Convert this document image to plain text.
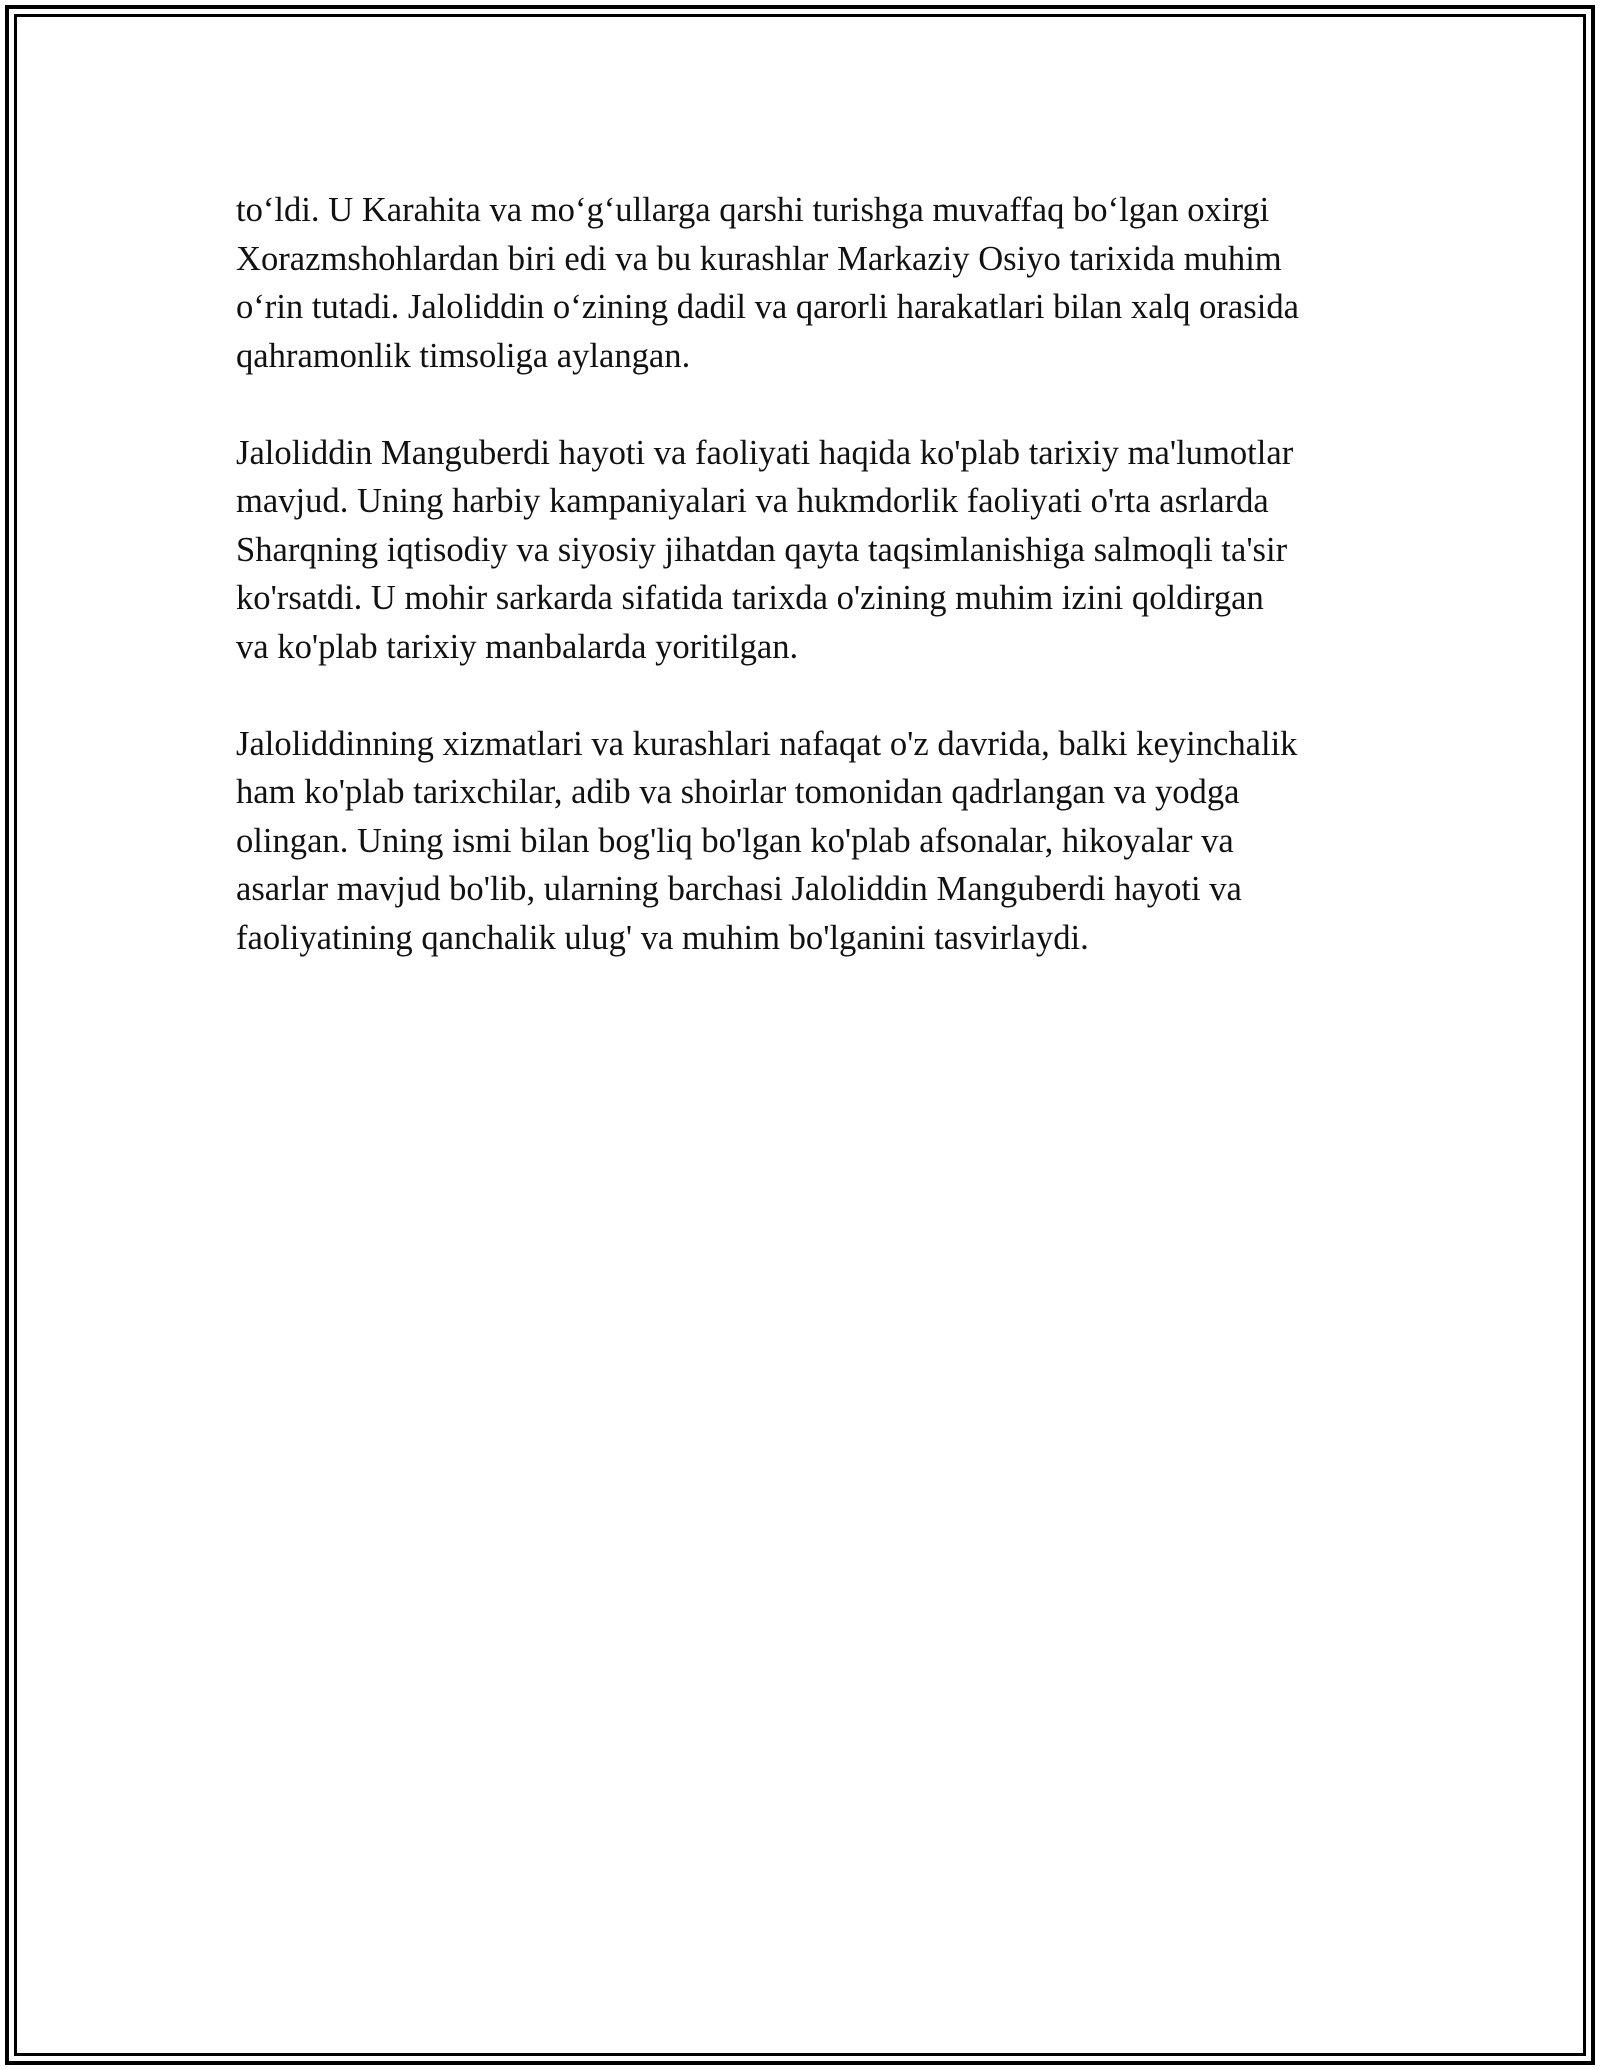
to‘ldi. U Karahita va mo‘g‘ullarga qarshi turishga muvaffaq bo‘lgan oxirgi
Xorazmshohlardan biri edi va bu kurashlar Markaziy Osiyo tarixida muhim
o‘rin tutadi. Jaloliddin o‘zining dadil va qarorli harakatlari bilan xalq orasida
qahramonlik timsoliga aylangan.

Jaloliddin Manguberdi hayoti va faoliyati haqida ko'plab tarixiy ma'lumotlar
mavjud. Uning harbiy kampaniyalari va hukmdorlik faoliyati o'rta asrlarda
Sharqning iqtisodiy va siyosiy jihatdan qayta taqsimlanishiga salmoqli ta'sir
ko'rsatdi. U mohir sarkarda sifatida tarixda o'zining muhim izini qoldirgan
va ko'plab tarixiy manbalarda yoritilgan.

Jaloliddinning xizmatlari va kurashlari nafaqat o'z davrida, balki keyinchalik
ham ko'plab tarixchilar, adib va shoirlar tomonidan qadrlangan va yodga
olingan. Uning ismi bilan bog'liq bo'lgan ko'plab afsonalar, hikoyalar va
asarlar mavjud bo'lib, ularning barchasi Jaloliddin Manguberdi hayoti va
faoliyatining qanchalik ulug' va muhim bo'lganini tasvirlaydi.
